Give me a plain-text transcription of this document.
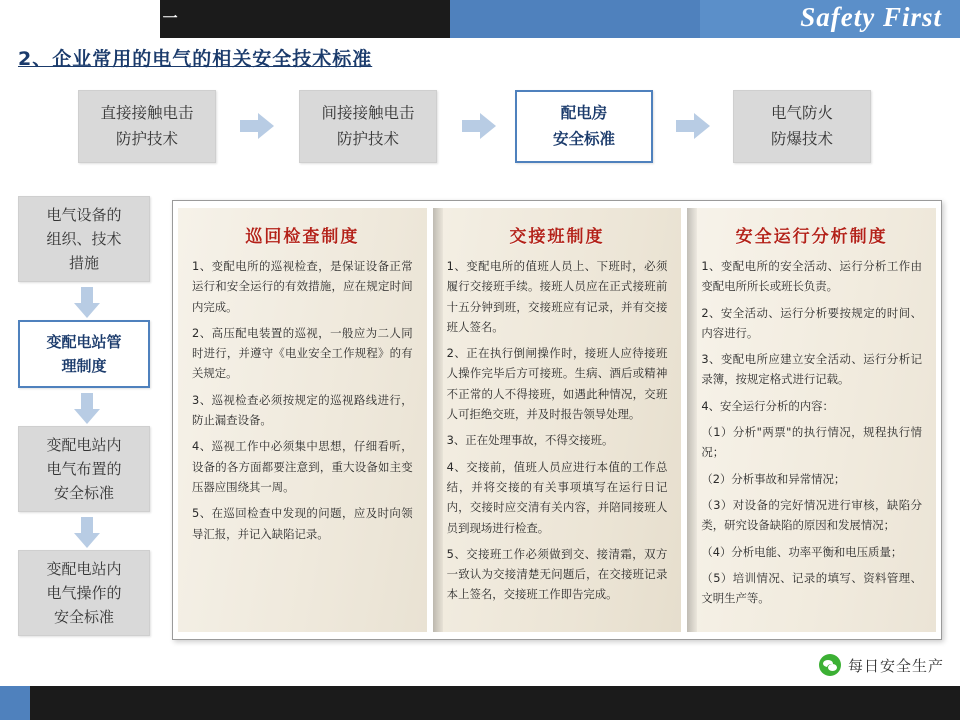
Safety First
2、企业常用的电气的相关安全技术标准
直接接触电击
防护技术
间接接触电击
防护技术
配电房
安全标准
电气防火
防爆技术
电气设备的
组织、技术
措施
变配电站管
理制度
变配电站内
电气布置的
安全标准
变配电站内
电气操作的
安全标准
巡回检查制度

1、变配电所的巡视检查，是保证设备正常运行和安全运行的有效措施，应在规定时间内完成。

2、高压配电装置的巡视，一般应为二人同时进行，并遵守《电业安全工作规程》的有关规定。

3、巡视检查必须按规定的巡视路线进行，防止漏查设备。

4、巡视工作中必须集中思想，仔细看听，设备的各方面都要注意到，重大设备如主变压器应围绕其一周。

5、在巡回检查中发现的问题，应及时向领导汇报，并记入缺陷记录。

交接班制度

1、变配电所的值班人员上、下班时，必须履行交接班手续。接班人员应在正式接班前十五分钟到班，交接班应有记录，并有交接班人签名。

2、正在执行倒闸操作时，接班人应待接班人操作完毕后方可接班。生病、酒后或精神不正常的人不得接班，如遇此种情况，交班人可拒绝交班，并及时报告领导处理。

3、正在处理事故，不得交接班。

4、交接前，值班人员应进行本值的工作总结，并将交接的有关事项填写在运行日记内，交接时应交清有关内容，并陪同接班人员到现场进行检查。

5、交接班工作必须做到交、接清霜，双方一致认为交接清楚无问题后，在交接班记录本上签名，交接班工作即告完成。

安全运行分析制度

1、变配电所的安全活动、运行分析工作由变配电所所长或班长负责。

2、安全活动、运行分析要按规定的时间、内容进行。

3、变配电所应建立安全活动、运行分析记录簿，按规定格式进行记载。

4、安全运行分析的内容：

（1）分析"两票"的执行情况，规程执行情况；

（2）分析事故和异常情况；

（3）对设备的完好情况进行审核，缺陷分类，研究设备缺陷的原因和发展情况；

（4）分析电能、功率平衡和电压质量；

（5）培训情况、记录的填写、资料管理、文明生产等。

每日安全生产
安 全 第 一
